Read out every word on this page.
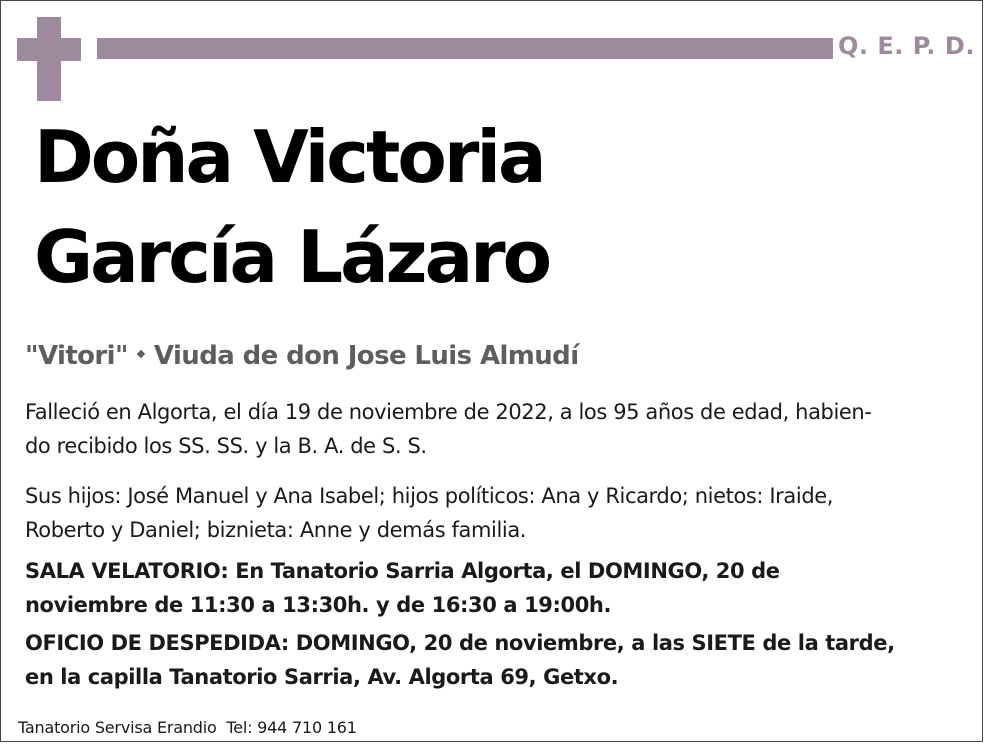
Q. E. P. D.
Doña Victoria
García Lázaro
"Vitori" Viuda de don Jose Luis Almudí
Falleció en Algorta, el día 19 de noviembre de 2022, a los 95 años de edad, habien-
do recibido los SS. SS. y la B. A. de S. S.
Sus hijos: José Manuel y Ana Isabel; hijos políticos: Ana y Ricardo; nietos: Iraide,
Roberto y Daniel; biznieta: Anne y demás familia.
SALA VELATORIO: En Tanatorio Sarria Algorta, el DOMINGO, 20 de
noviembre de 11:30 a 13:30h. y de 16:30 a 19:00h.
OFICIO DE DESPEDIDA: DOMINGO, 20 de noviembre, a las SIETE de la tarde,
en la capilla Tanatorio Sarria, Av. Algorta 69, Getxo.
Tanatorio Servisa Erandio  Tel: 944 710 161
